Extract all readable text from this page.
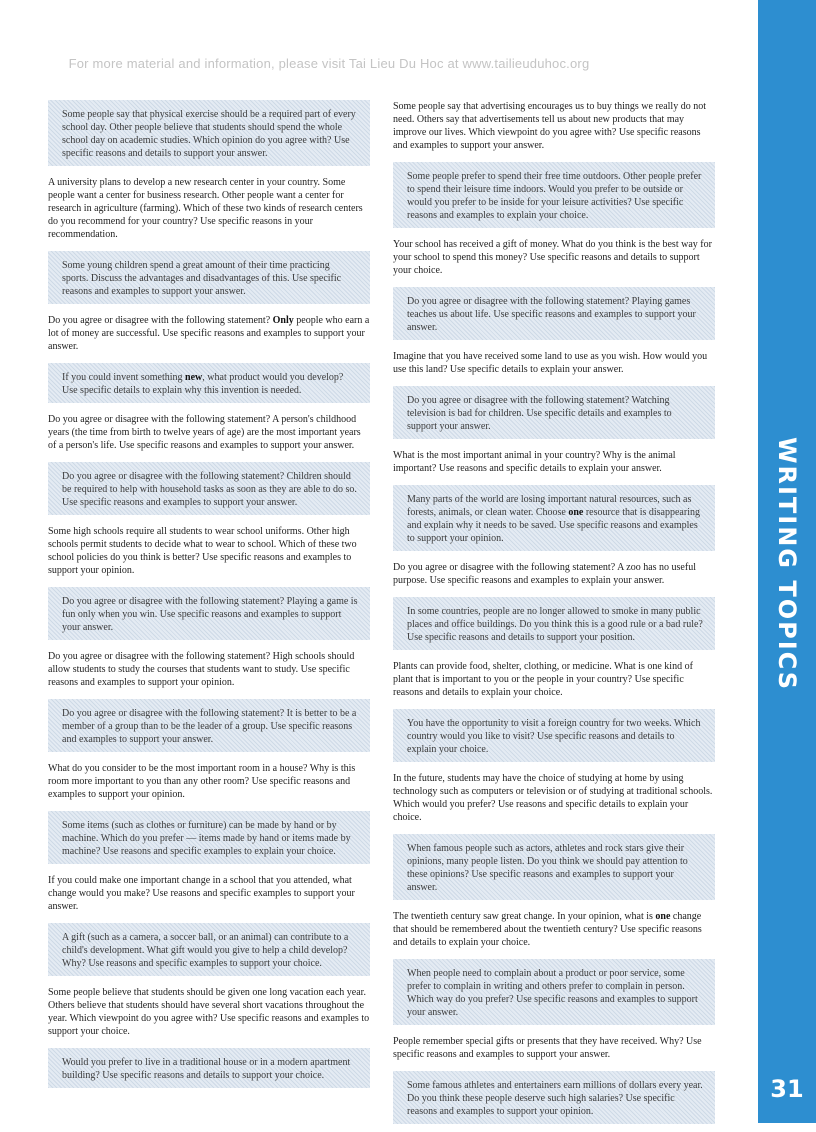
For more material and information, please visit Tai Lieu Du Hoc at www.tailieuduhoc.org

Some people say that physical exercise should be a required part of every school day. Other people believe that students should spend the whole school day on academic studies. Which opinion do you agree with? Use specific reasons and details to support your answer.

A university plans to develop a new research center in your country. Some people want a center for business research. Other people want a center for research in agriculture (farming). Which of these two kinds of research centers do you recommend for your country? Use specific reasons in your recommendation.

Some young children spend a great amount of their time practicing sports. Discuss the advantages and disadvantages of this. Use specific reasons and examples to support your answer.

Do you agree or disagree with the following statement? Only people who earn a lot of money are successful. Use specific reasons and examples to support your answer.

If you could invent something new, what product would you develop? Use specific details to explain why this invention is needed.

Do you agree or disagree with the following statement? A person's childhood years (the time from birth to twelve years of age) are the most important years of a person's life. Use specific reasons and examples to support your answer.

Do you agree or disagree with the following statement? Children should be required to help with household tasks as soon as they are able to do so. Use specific reasons and examples to support your answer.

Some high schools require all students to wear school uniforms. Other high schools permit students to decide what to wear to school. Which of these two school policies do you think is better? Use specific reasons and examples to support your opinion.

Do you agree or disagree with the following statement? Playing a game is fun only when you win. Use specific reasons and examples to support your answer.

Do you agree or disagree with the following statement? High schools should allow students to study the courses that students want to study. Use specific reasons and examples to support your opinion.

Do you agree or disagree with the following statement? It is better to be a member of a group than to be the leader of a group. Use specific reasons and examples to support your answer.

What do you consider to be the most important room in a house? Why is this room more important to you than any other room? Use specific reasons and examples to support your opinion.

Some items (such as clothes or furniture) can be made by hand or by machine. Which do you prefer — items made by hand or items made by machine? Use reasons and specific examples to explain your choice.

If you could make one important change in a school that you attended, what change would you make? Use reasons and specific examples to support your answer.

A gift (such as a camera, a soccer ball, or an animal) can contribute to a child's development. What gift would you give to help a child develop? Why? Use reasons and specific examples to support your choice.

Some people believe that students should be given one long vacation each year. Others believe that students should have several short vacations throughout the year. Which viewpoint do you agree with? Use specific reasons and examples to support your choice.

Would you prefer to live in a traditional house or in a modern apartment building? Use specific reasons and details to support your choice.

Some people say that advertising encourages us to buy things we really do not need. Others say that advertisements tell us about new products that may improve our lives. Which viewpoint do you agree with? Use specific reasons and examples to support your answer.

Some people prefer to spend their free time outdoors. Other people prefer to spend their leisure time indoors. Would you prefer to be outside or would you prefer to be inside for your leisure activities? Use specific reasons and examples to explain your choice.

Your school has received a gift of money. What do you think is the best way for your school to spend this money? Use specific reasons and details to support your choice.

Do you agree or disagree with the following statement? Playing games teaches us about life. Use specific reasons and examples to support your answer.

Imagine that you have received some land to use as you wish. How would you use this land? Use specific details to explain your answer.

Do you agree or disagree with the following statement? Watching television is bad for children. Use specific details and examples to support your answer.

What is the most important animal in your country? Why is the animal important? Use reasons and specific details to explain your answer.

Many parts of the world are losing important natural resources, such as forests, animals, or clean water. Choose one resource that is disappearing and explain why it needs to be saved. Use specific reasons and examples to support your opinion.

Do you agree or disagree with the following statement? A zoo has no useful purpose. Use specific reasons and examples to explain your answer.

In some countries, people are no longer allowed to smoke in many public places and office buildings. Do you think this is a good rule or a bad rule? Use specific reasons and details to support your position.

Plants can provide food, shelter, clothing, or medicine. What is one kind of plant that is important to you or the people in your country? Use specific reasons and details to explain your choice.

You have the opportunity to visit a foreign country for two weeks. Which country would you like to visit? Use specific reasons and details to explain your choice.

In the future, students may have the choice of studying at home by using technology such as computers or television or of studying at traditional schools. Which would you prefer? Use reasons and specific details to explain your choice.

When famous people such as actors, athletes and rock stars give their opinions, many people listen. Do you think we should pay attention to these opinions? Use specific reasons and examples to support your answer.

The twentieth century saw great change. In your opinion, what is one change that should be remembered about the twentieth century? Use specific reasons and details to explain your choice.

When people need to complain about a product or poor service, some prefer to complain in writing and others prefer to complain in person. Which way do you prefer? Use specific reasons and examples to support your answer.

People remember special gifts or presents that they have received. Why? Use specific reasons and examples to support your answer.

Some famous athletes and entertainers earn millions of dollars every year. Do you think these people deserve such high salaries? Use specific reasons and examples to support your opinion.

WRITING TOPICS
31
